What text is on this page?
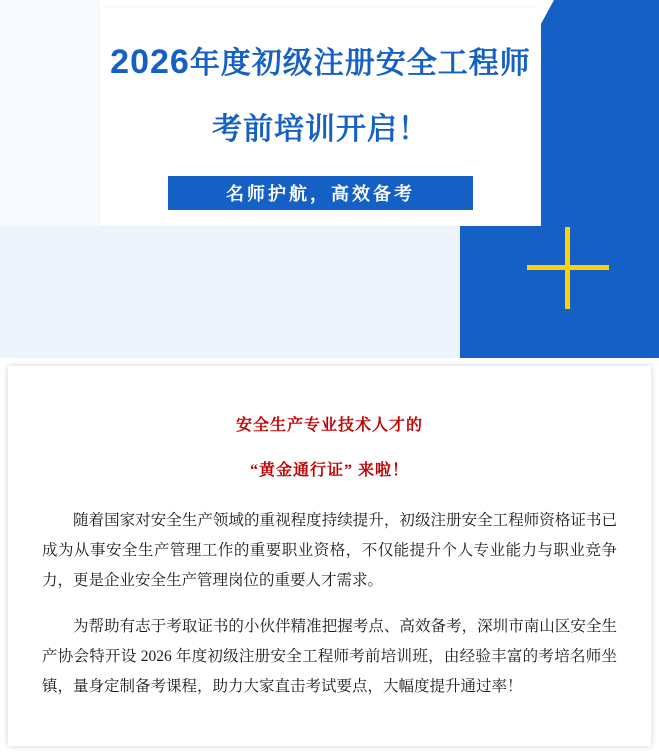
2026年度初级注册安全工程师
考前培训开启！
名师护航，高效备考
安全生产专业技术人才的
“黄金通行证” 来啦！

随着国家对安全生产领域的重视程度持续提升，初级注册安全工程师资格证书已成为从事安全生产管理工作的重要职业资格，不仅能提升个人专业能力与职业竞争力，更是企业安全生产管理岗位的重要人才需求。

为帮助有志于考取证书的小伙伴精准把握考点、高效备考，深圳市南山区安全生产协会特开设 2026 年度初级注册安全工程师考前培训班，由经验丰富的考培名师坐镇，量身定制备考课程，助力大家直击考试要点，大幅度提升通过率！
